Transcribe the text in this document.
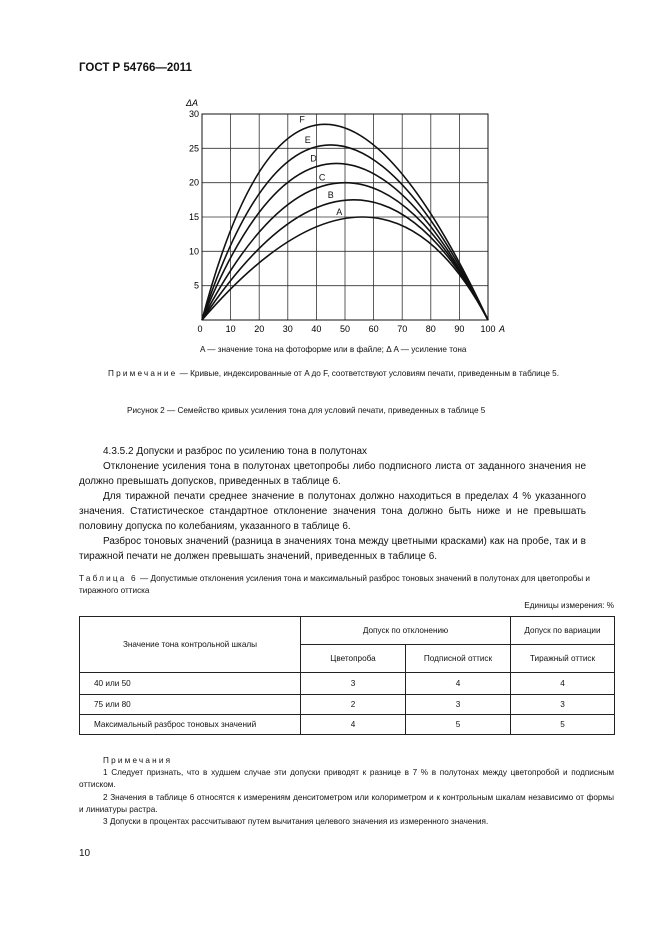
ГОСТ Р 54766—2011
0	10 20 30 40 50 60 70 80 90 100
5
10
15
20
25
30
A
ΔA
A
B
C
D
E
F
A — значение тона на фотоформе или в файле; Δ A — усиление тона
Примечание — Кривые, индексированные от A до F, соответствуют условиям печати, приведенным в таблице 5.
Рисунок 2 — Семейство кривых усиления тона для условий печати, приведенных в таблице 5
4.3.5.2 Допуски и разброс по усилению тона в полутонах
Отклонение усиления тона в полутонах цветопробы либо подписного листа от заданного значения не должно превышать допусков, приведенных в таблице 6.
Для тиражной печати среднее значение в полутонах должно находиться в пределах 4 % указанного значения. Статистическое стандартное отклонение значения тона должно быть ниже и не превышать половину допуска по колебаниям, указанного в таблице 6.
Разброс тоновых значений (разница в значениях тона между цветными красками) как на пробе, так и в тиражной печати не должен превышать значений, приведенных в таблице 6.
Таблица 6 — Допустимые отклонения усиления тона и максимальный разброс тоновых значений в полутонах для цветопробы и тиражного оттиска
Единицы измерения: %
Значение тона контрольной шкалы	Допуск по отклонению		Допуск по вариации
	Цветопроба	Подписной оттиск	Тиражный оттиск
40 или 50	3	4	4
75 или 80	2	3	3
Максимальный разброс тоновых значений	4	5	5
Примечания
1 Следует признать, что в худшем случае эти допуски приводят к разнице в 7 % в полутонах между цветопробой и подписным оттиском.
2 Значения в таблице 6 относятся к измерениям денситометром или колориметром и к контрольным шкалам независимо от формы и линиатуры растра.
3 Допуски в процентах рассчитывают путем вычитания целевого значения из измеренного значения.
10
